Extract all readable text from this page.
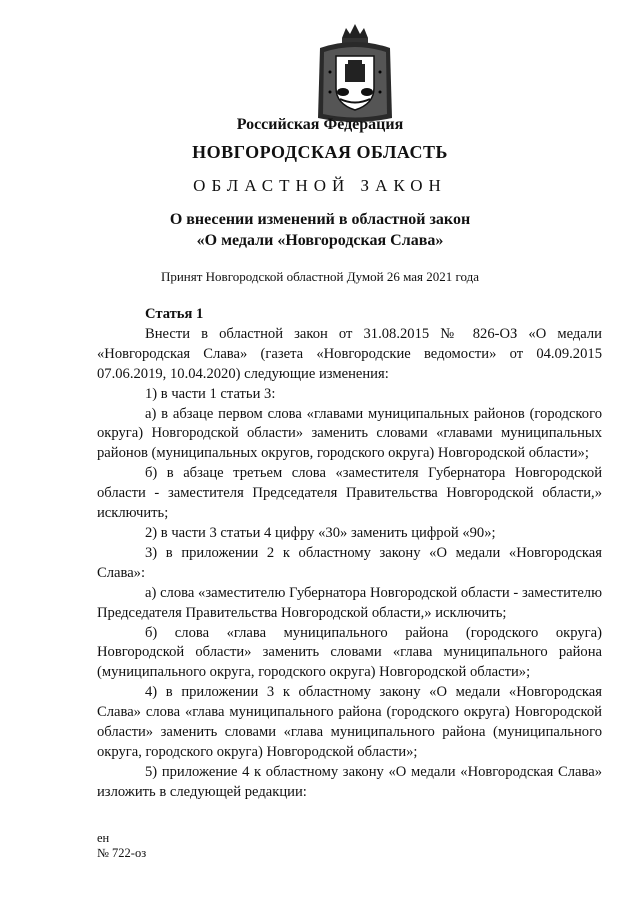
Российская Федерация
НОВГОРОДСКАЯ ОБЛАСТЬ
ОБЛАСТНОЙ ЗАКОН
О внесении изменений в областной закон
«О медали «Новгородская Слава»
Принят Новгородской областной Думой 26 мая 2021 года
Статья 1

Внести в областной закон от 31.08.2015 № 826-ОЗ «О медали «Новгородская Слава» (газета «Новгородские ведомости» от 04.09.2015 07.06.2019, 10.04.2020) следующие изменения:

1) в части 1 статьи 3:

а) в абзаце первом слова «главами муниципальных районов (городского округа) Новгородской области» заменить словами «главами муниципальных районов (муниципальных округов, городского округа) Новгородской области»;

б) в абзаце третьем слова «заместителя Губернатора Новгородской области - заместителя Председателя Правительства Новгородской области,» исключить;

2) в части 3 статьи 4 цифру «30» заменить цифрой «90»;

3) в приложении 2 к областному закону «О медали «Новгородская Слава»:

а) слова «заместителю Губернатора Новгородской области - заместителю Председателя Правительства Новгородской области,» исключить;

б) слова «глава муниципального района (городского округа) Новгородской области» заменить словами «глава муниципального района (муниципального округа, городского округа) Новгородской области»;

4) в приложении 3 к областному закону «О медали «Новгородская Слава» слова «глава муниципального района (городского округа) Новгородской области» заменить словами «глава муниципального района (муниципального округа, городского округа) Новгородской области»;

5) приложение 4 к областному закону «О медали «Новгородская Слава» изложить в следующей редакции:

ен
№ 722-оз
